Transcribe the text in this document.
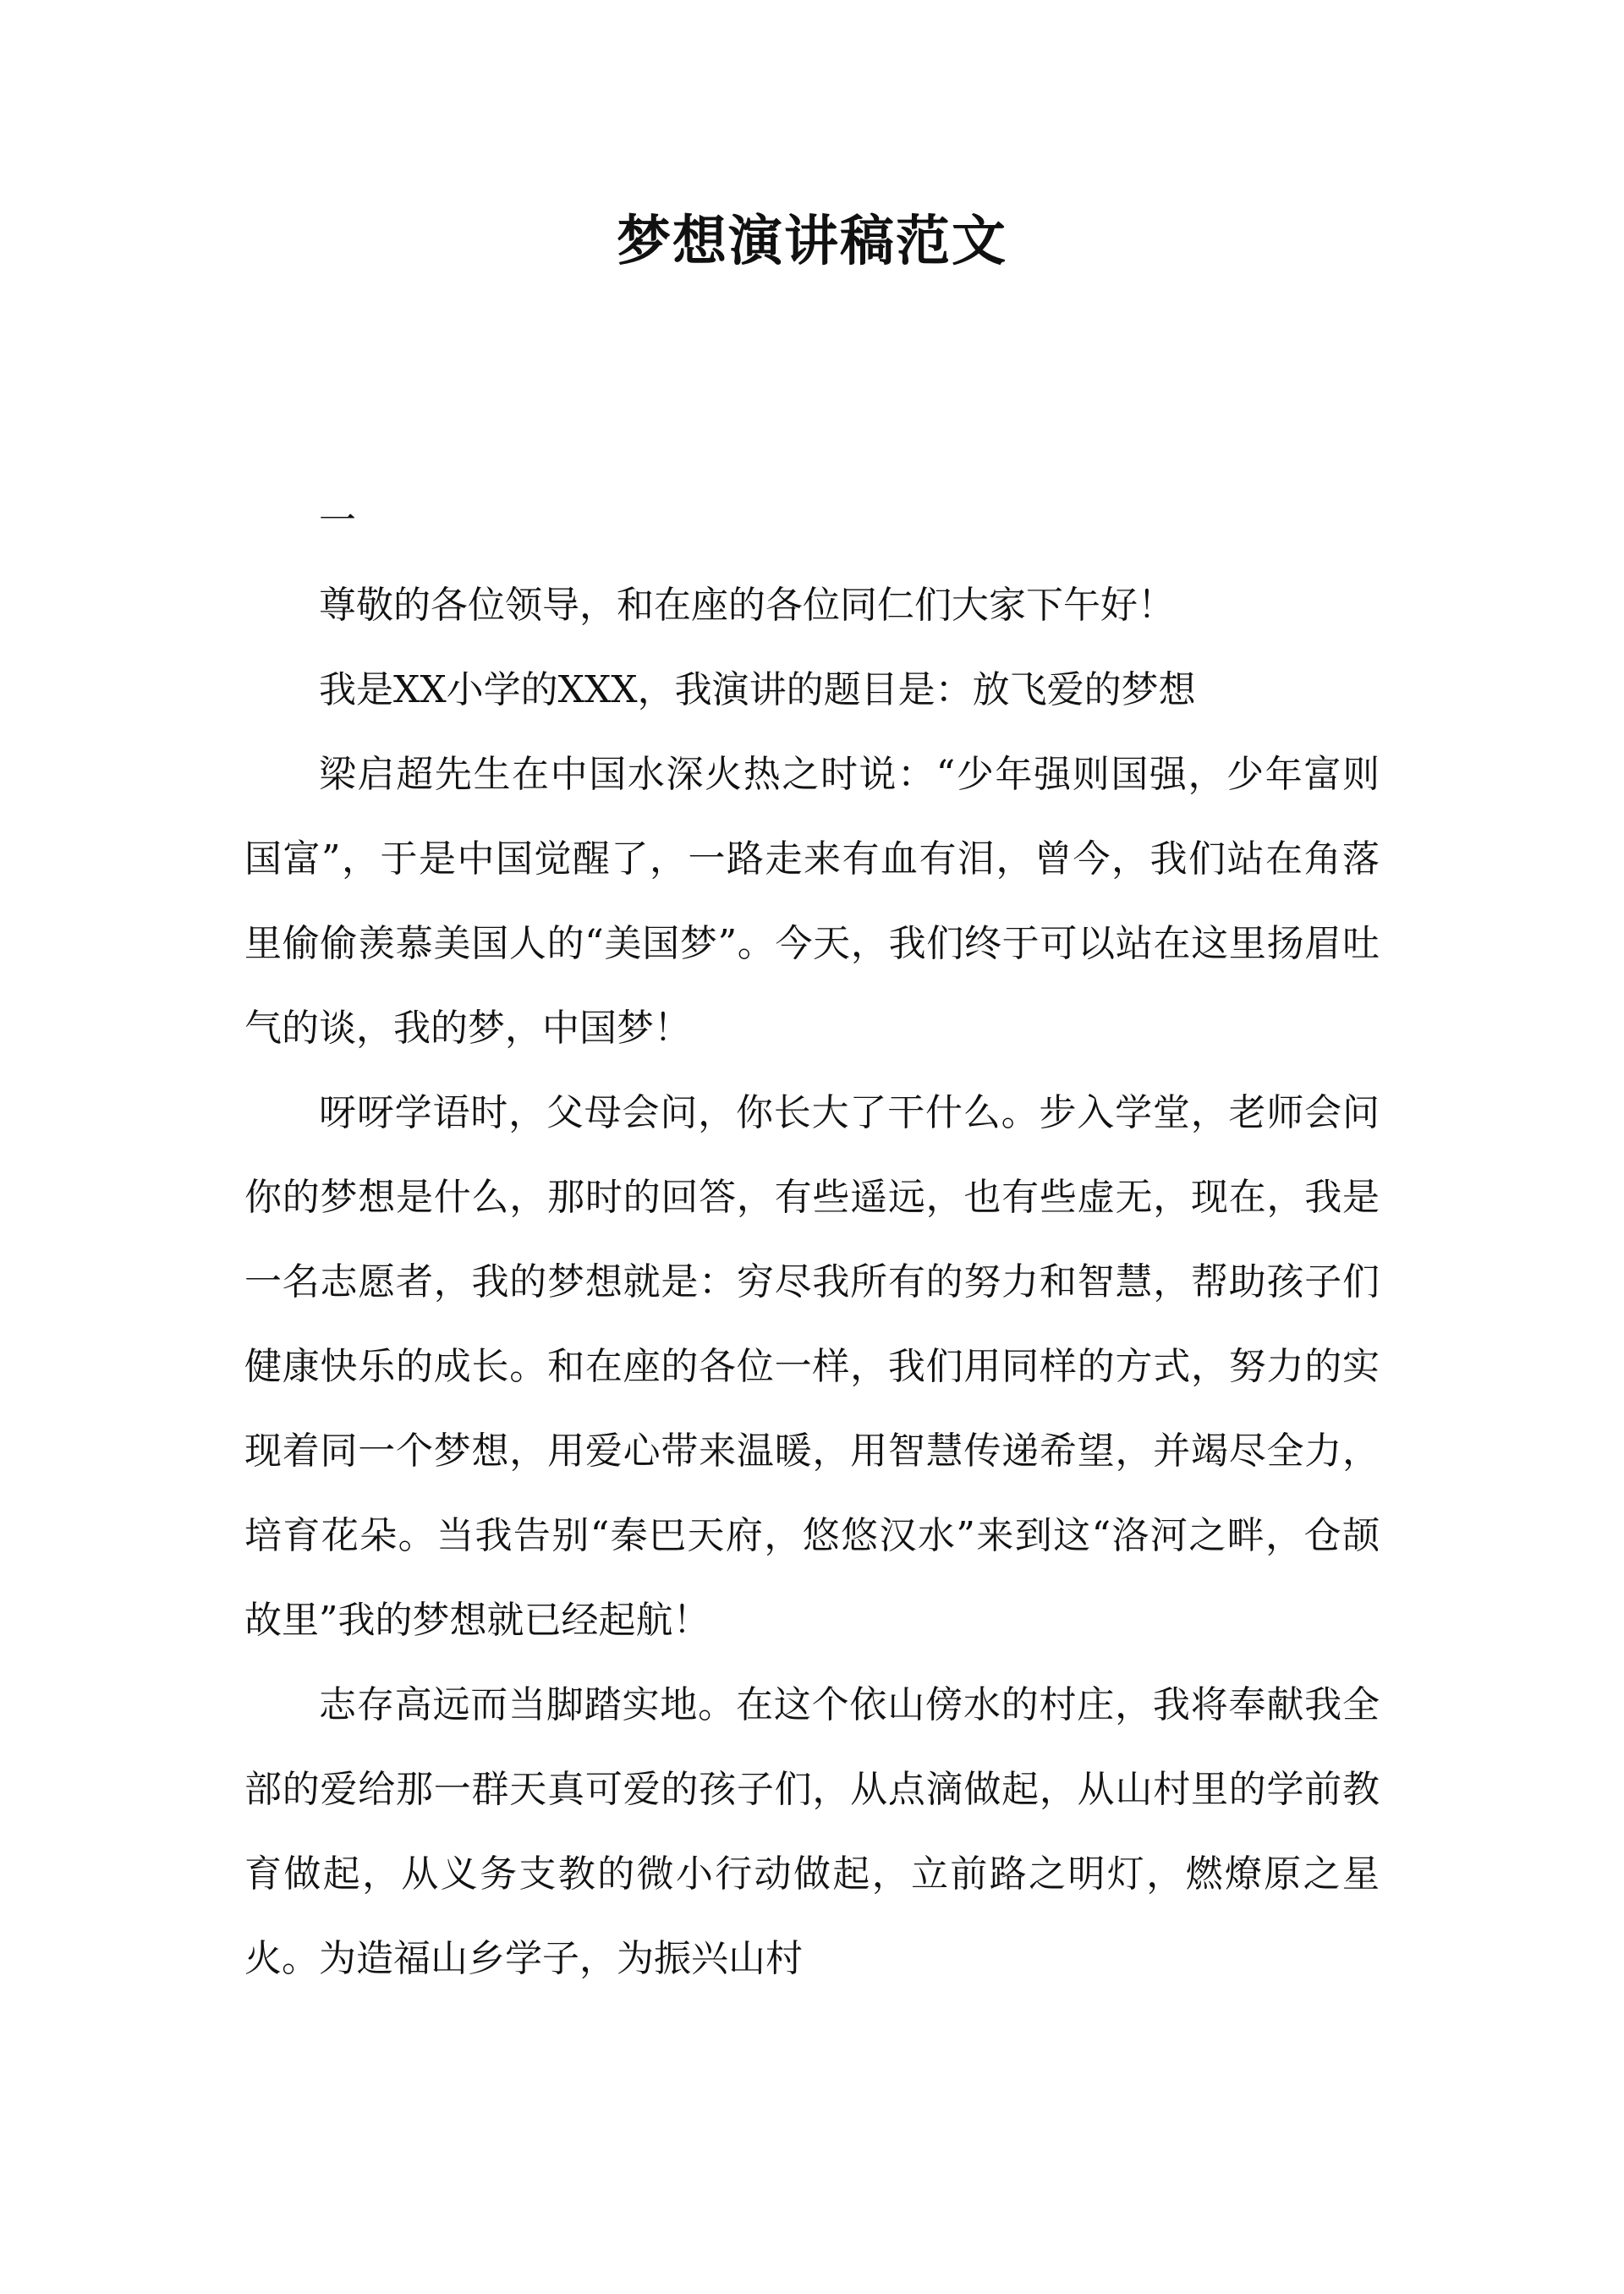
梦想演讲稿范文

一

尊敬的各位领导，和在座的各位同仁们大家下午好！

我是XX小学的XXX，我演讲的题目是：放飞爱的梦想

梁启超先生在中国水深火热之时说：“少年强则国强，少年富则国富”，于是中国觉醒了，一路走来有血有泪，曾今，我们站在角落里偷偷羡慕美国人的“美国梦”。今天，我们终于可以站在这里扬眉吐气的谈，我的梦，中国梦！

呀呀学语时，父母会问，你长大了干什么。步入学堂，老师会问你的梦想是什么，那时的回答，有些遥远，也有些虚无，现在，我是一名志愿者，我的梦想就是：穷尽我所有的努力和智慧，帮助孩子们健康快乐的成长。和在座的各位一样，我们用同样的方式，努力的实现着同一个梦想，用爱心带来温暖，用智慧传递希望，并竭尽全力，培育花朵。当我告别“秦巴天府，悠悠汉水”来到这“洛河之畔，仓颉故里”我的梦想就已经起航！

志存高远而当脚踏实地。在这个依山傍水的村庄，我将奉献我全部的爱给那一群天真可爱的孩子们，从点滴做起，从山村里的学前教育做起，从义务支教的微小行动做起，立前路之明灯，燃燎原之星火。为造福山乡学子，为振兴山村
